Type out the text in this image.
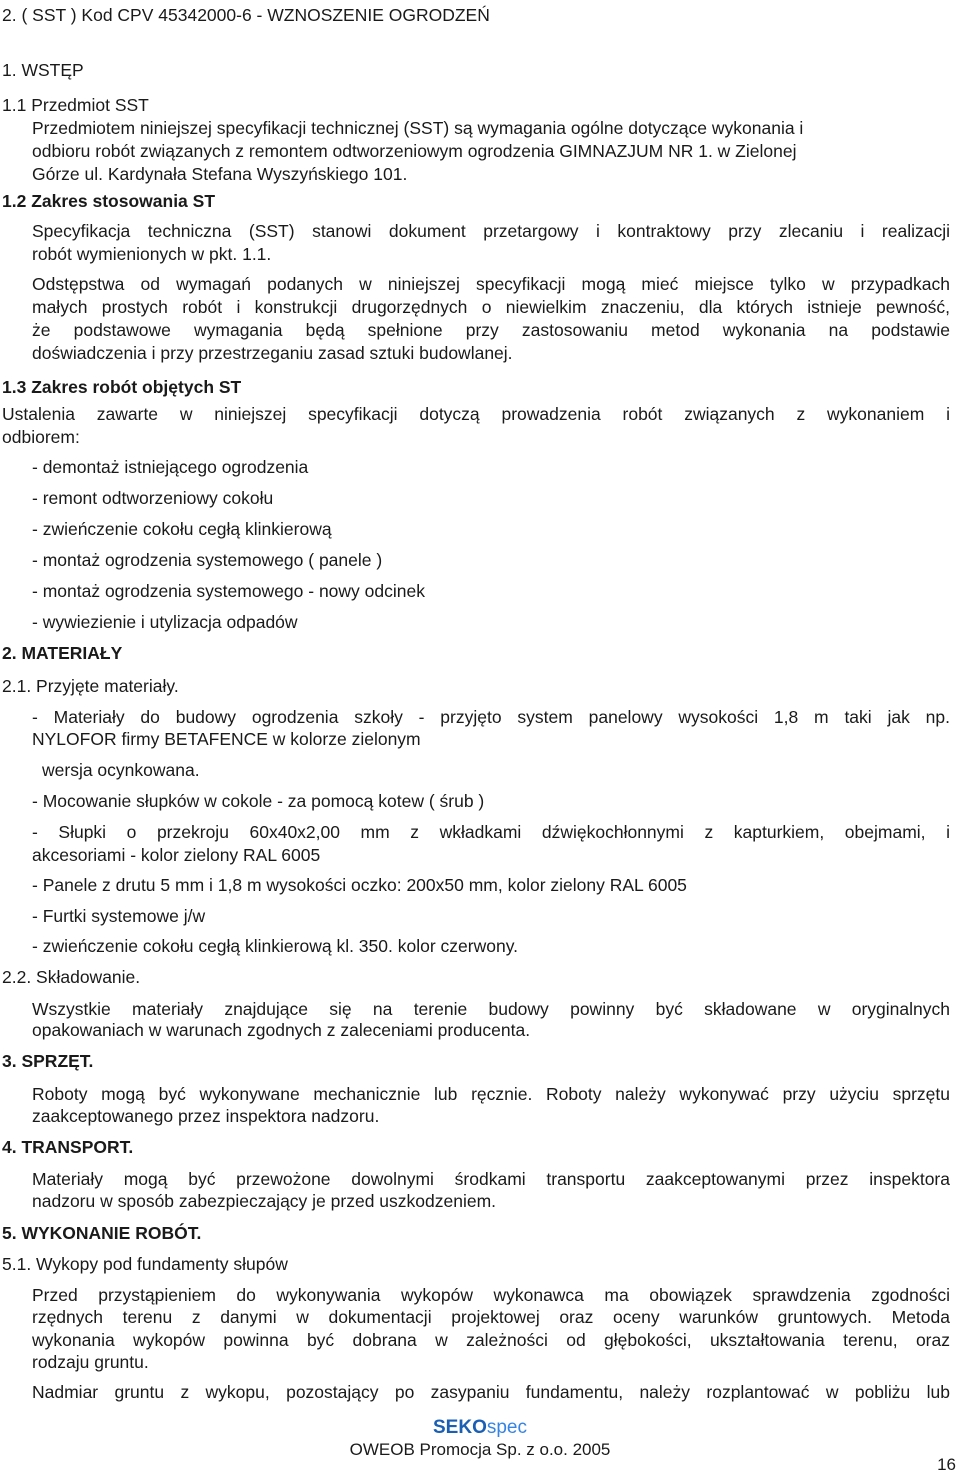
2. ( SST ) Kod CPV 45342000-6 - WZNOSZENIE OGRODZEŃ
1. WSTĘP
1.1 Przedmiot SST
Przedmiotem niniejszej specyfikacji technicznej (SST) są wymagania ogólne dotyczące wykonania i
odbioru robót związanych z remontem odtworzeniowym ogrodzenia GIMNAZJUM NR 1. w Zielonej
Górze ul. Kardynała Stefana Wyszyńskiego 101.
1.2 Zakres stosowania ST
Specyfikacja techniczna (SST) stanowi dokument przetargowy i kontraktowy przy zlecaniu i realizacji
robót wymienionych w pkt. 1.1.
Odstępstwa od wymagań podanych w niniejszej specyfikacji mogą mieć miejsce tylko w przypadkach
małych prostych robót i konstrukcji drugorzędnych o niewielkim znaczeniu, dla których istnieje pewność,
że podstawowe wymagania będą spełnione przy zastosowaniu metod wykonania na podstawie
doświadczenia i przy przestrzeganiu zasad sztuki budowlanej.
1.3 Zakres robót objętych ST
Ustalenia zawarte w niniejszej specyfikacji dotyczą prowadzenia robót związanych z wykonaniem i
odbiorem:
- demontaż istniejącego ogrodzenia
- remont odtworzeniowy cokołu
- zwieńczenie cokołu cegłą klinkierową
- montaż ogrodzenia systemowego ( panele )
- montaż ogrodzenia systemowego - nowy odcinek
- wywiezienie i utylizacja odpadów
2. MATERIAŁY
2.1. Przyjęte materiały.
- Materiały do budowy ogrodzenia szkoły - przyjęto system panelowy wysokości 1,8 m taki jak np.
NYLOFOR firmy BETAFENCE w kolorze zielonym
wersja ocynkowana.
- Mocowanie słupków w cokole - za pomocą kotew ( śrub )
- Słupki o przekroju 60x40x2,00 mm z wkładkami dźwiękochłonnymi z kapturkiem, obejmami, i
akcesoriami - kolor zielony RAL 6005
- Panele z drutu 5 mm i 1,8 m wysokości oczko: 200x50 mm, kolor zielony RAL 6005
- Furtki systemowe j/w
- zwieńczenie cokołu cegłą klinkierową kl. 350. kolor czerwony.
2.2. Składowanie.
Wszystkie materiały znajdujące się na terenie budowy powinny być składowane w oryginalnych
opakowaniach w warunach zgodnych z zaleceniami producenta.
3. SPRZĘT.
Roboty mogą być wykonywane mechanicznie lub ręcznie. Roboty należy wykonywać przy użyciu sprzętu
zaakceptowanego przez inspektora nadzoru.
4. TRANSPORT.
Materiały mogą być przewożone dowolnymi środkami transportu zaakceptowanymi przez inspektora
nadzoru w sposób zabezpieczający je przed uszkodzeniem.
5. WYKONANIE ROBÓT.
5.1. Wykopy pod fundamenty słupów
Przed przystąpieniem do wykonywania wykopów wykonawca ma obowiązek sprawdzenia zgodności
rzędnych terenu z danymi w dokumentacji projektowej oraz oceny warunków gruntowych. Metoda
wykonania wykopów powinna być dobrana w zależności od głębokości, ukształtowania terenu, oraz
rodzaju gruntu.
Nadmiar gruntu z wykopu, pozostający po zasypaniu fundamentu, należy rozplantować w pobliżu lub
SEKOspec
OWEOB Promocja Sp. z o.o. 2005
16
